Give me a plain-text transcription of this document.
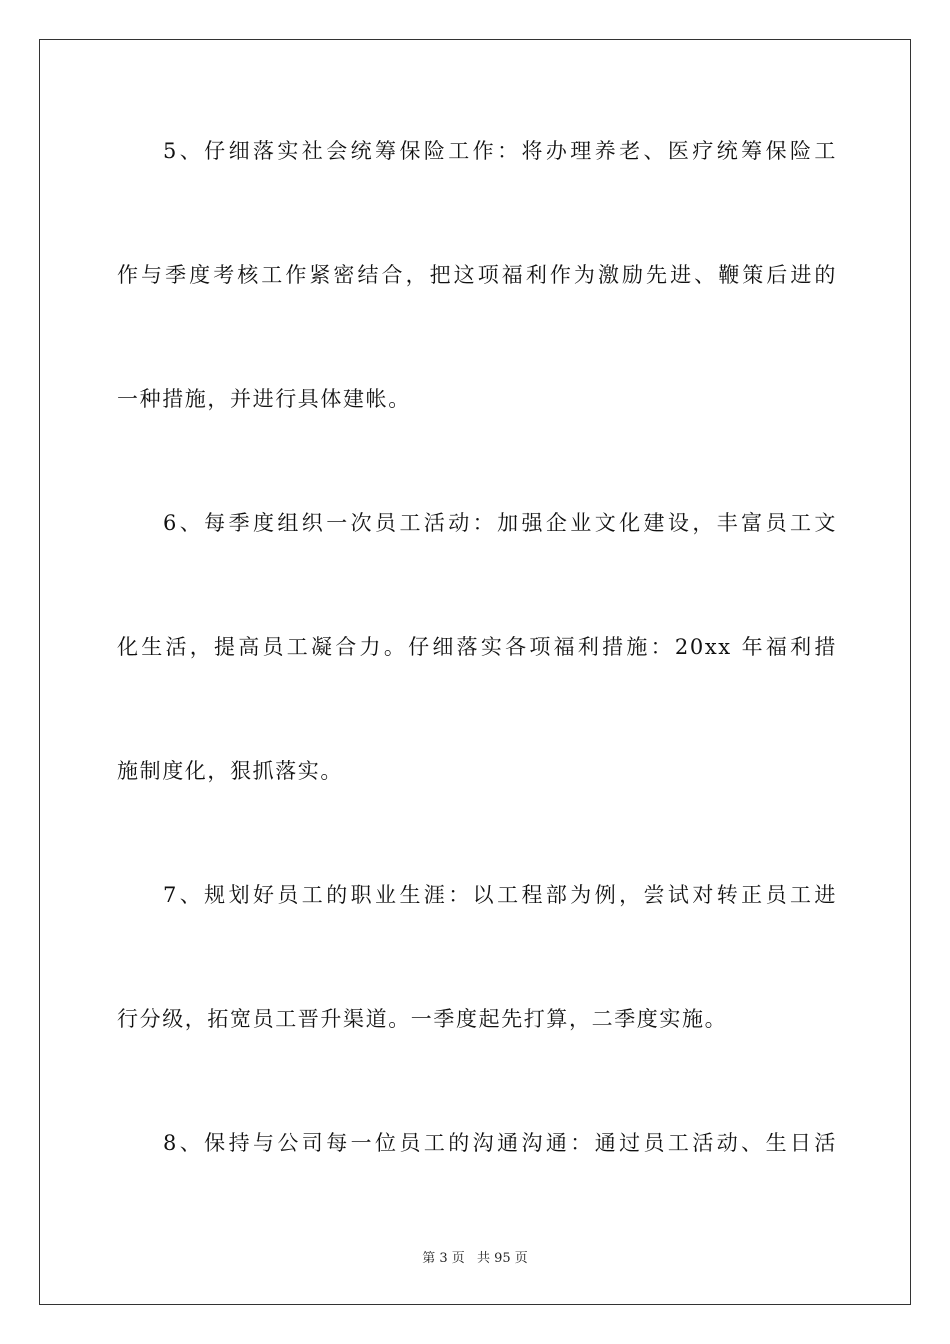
5、仔细落实社会统筹保险工作：将办理养老、医疗统筹保险工

作与季度考核工作紧密结合，把这项福利作为激励先进、鞭策后进的

一种措施，并进行具体建帐。

6、每季度组织一次员工活动：加强企业文化建设，丰富员工文

化生活，提高员工凝合力。仔细落实各项福利措施：20xx 年福利措

施制度化，狠抓落实。

7、规划好员工的职业生涯：以工程部为例，尝试对转正员工进

行分级，拓宽员工晋升渠道。一季度起先打算，二季度实施。

8、保持与公司每一位员工的沟通沟通：通过员工活动、生日活

第 3 页 共 95 页
